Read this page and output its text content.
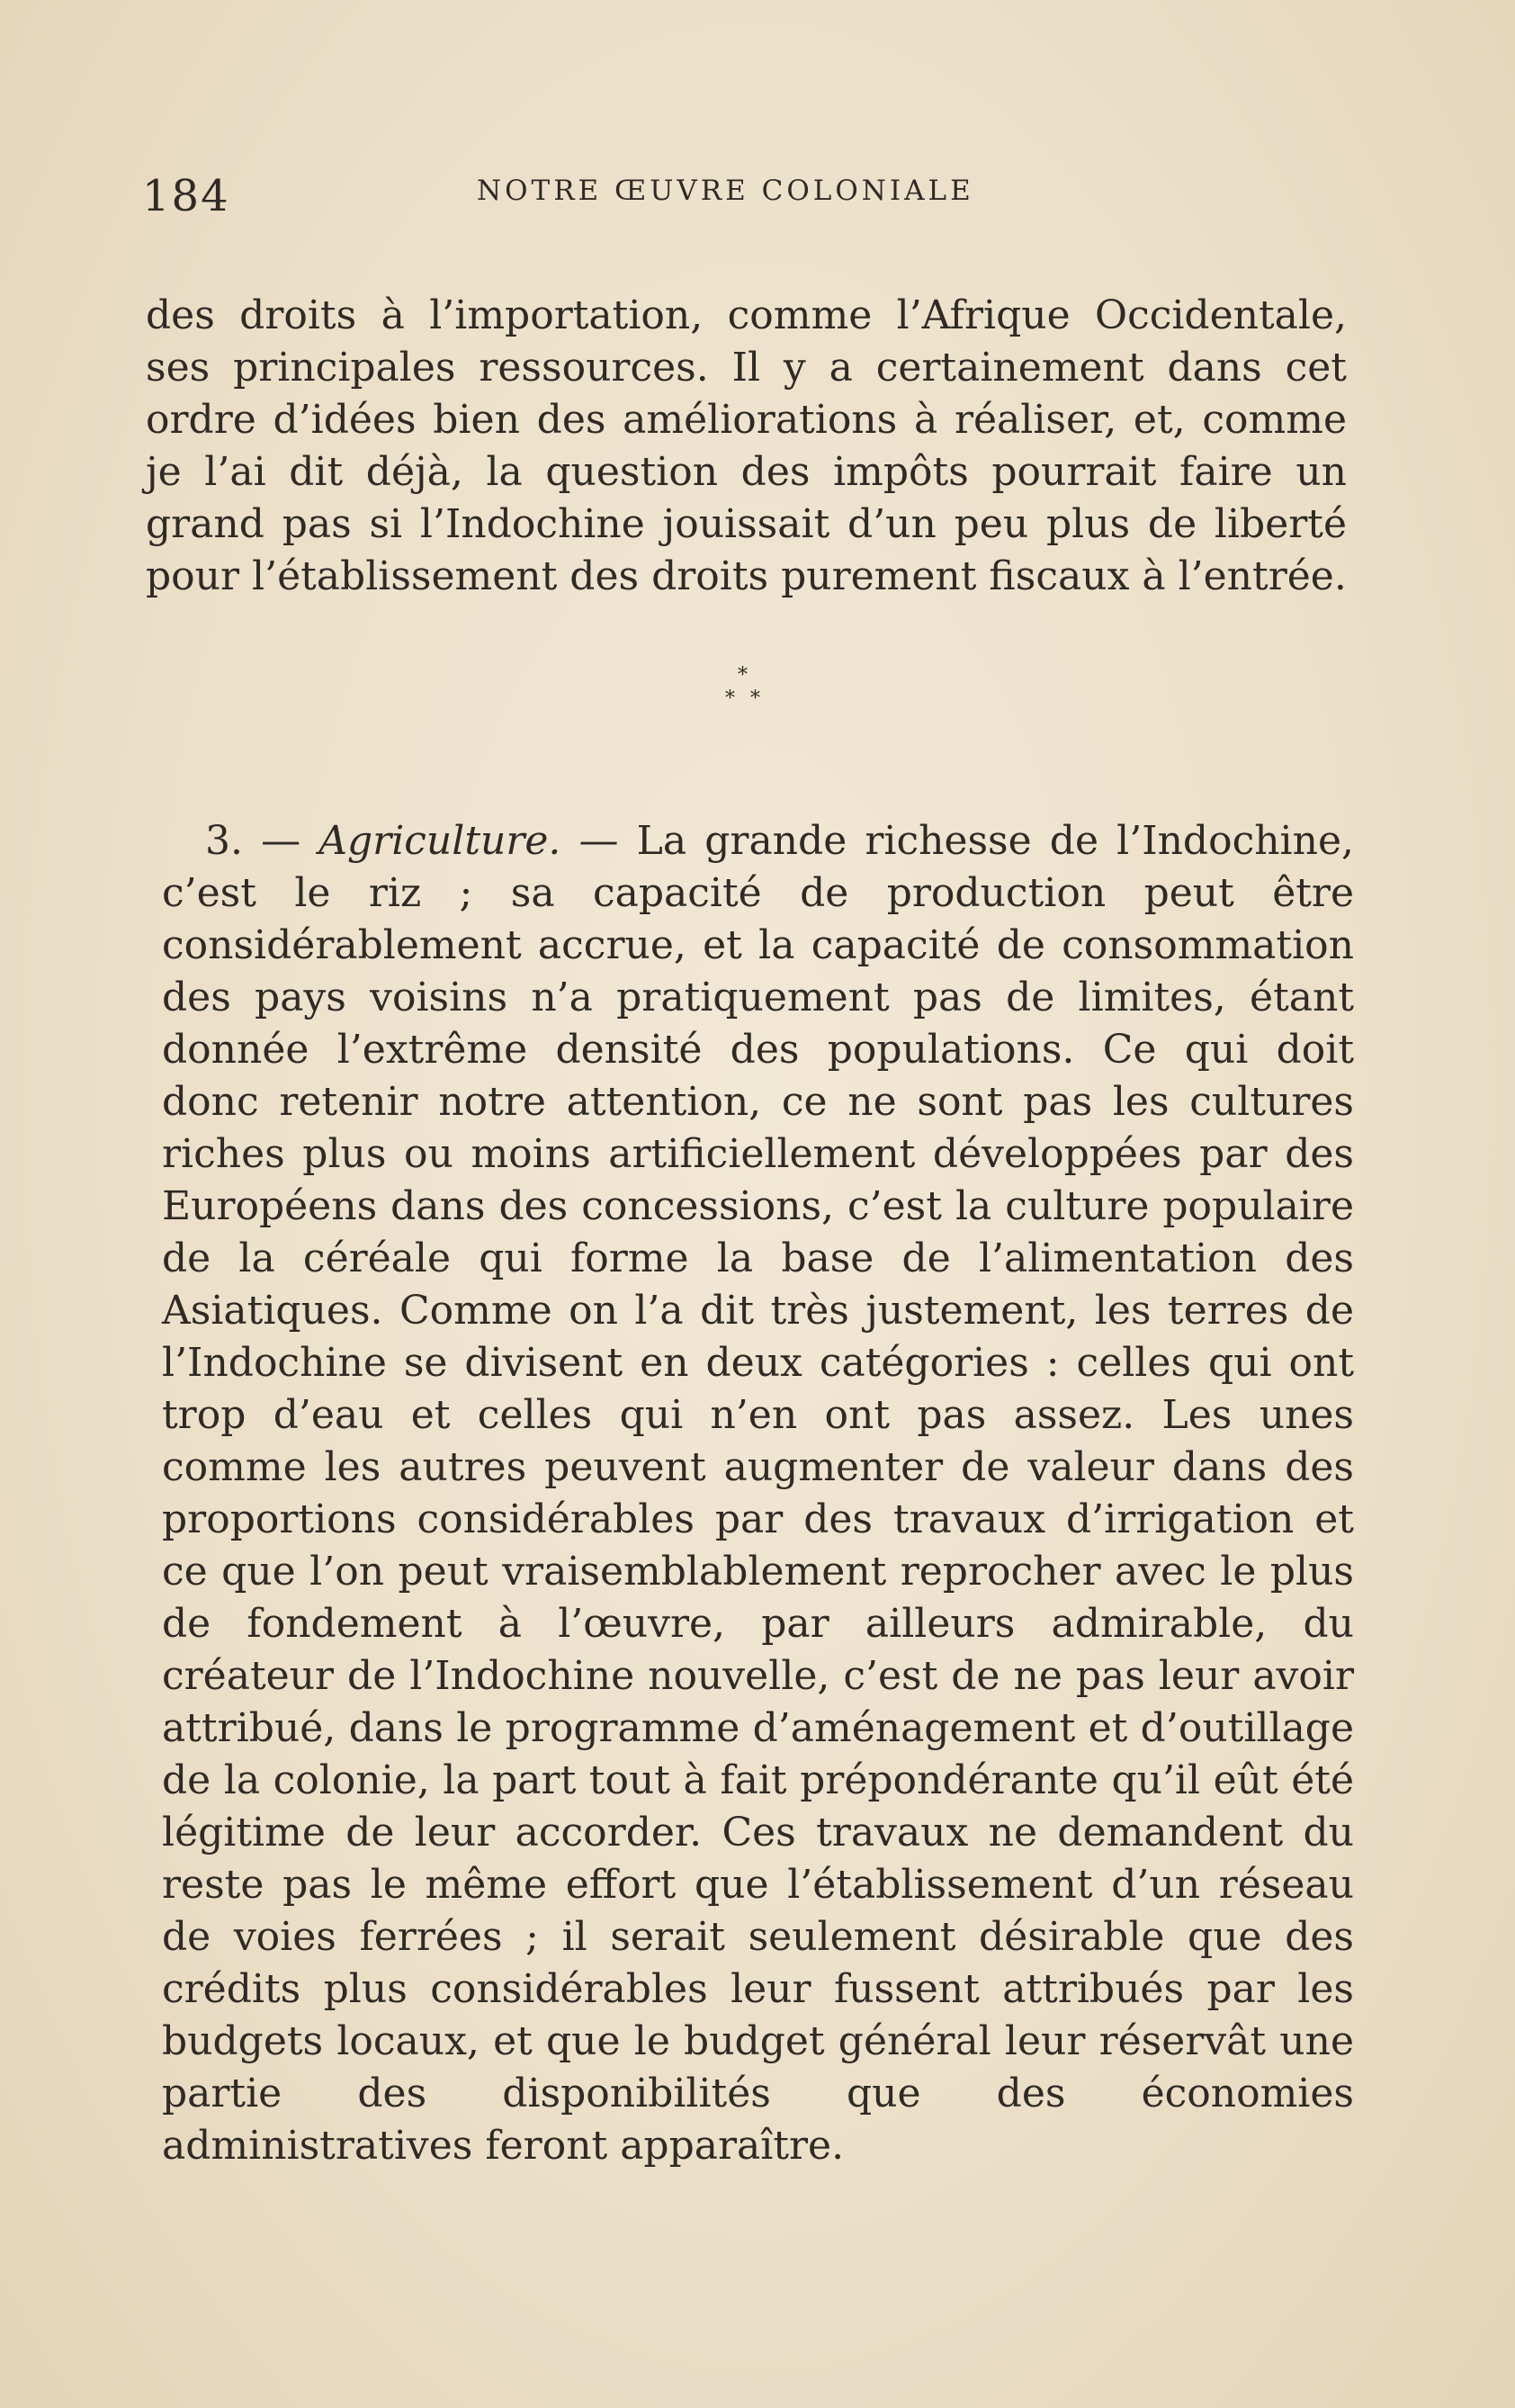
184	NOTRE ŒUVRE COLONIALE

des droits à l’importation, comme l’Afrique Occidentale, ses principales ressources. Il y a certainement dans cet ordre d’idées bien des améliorations à réaliser, et, comme je l’ai dit déjà, la question des impôts pourrait faire un grand pas si l’Indochine jouissait d’un peu plus de liberté pour l’établissement des droits purement fiscaux à l’entrée.

*
* *

3. — Agriculture. — La grande richesse de l’Indochine, c’est le riz ; sa capacité de production peut être considérablement accrue, et la capacité de consommation des pays voisins n’a pratiquement pas de limites, étant donnée l’extrême densité des populations. Ce qui doit donc retenir notre attention, ce ne sont pas les cultures riches plus ou moins artificiellement développées par des Européens dans des concessions, c’est la culture populaire de la céréale qui forme la base de l’alimentation des Asiatiques. Comme on l’a dit très justement, les terres de l’Indochine se divisent en deux catégories : celles qui ont trop d’eau et celles qui n’en ont pas assez. Les unes comme les autres peuvent augmenter de valeur dans des proportions considérables par des travaux d’irrigation et ce que l’on peut vraisemblablement reprocher avec le plus de fondement à l’œuvre, par ailleurs admirable, du créateur de l’Indochine nouvelle, c’est de ne pas leur avoir attribué, dans le programme d’aménagement et d’outillage de la colonie, la part tout à fait prépondérante qu’il eût été légitime de leur accorder. Ces travaux ne demandent du reste pas le même effort que l’établissement d’un réseau de voies ferrées ; il serait seulement désirable que des crédits plus considérables leur fussent attribués par les budgets locaux, et que le budget général leur réservât une partie des disponibilités que des économies administratives feront apparaître.
